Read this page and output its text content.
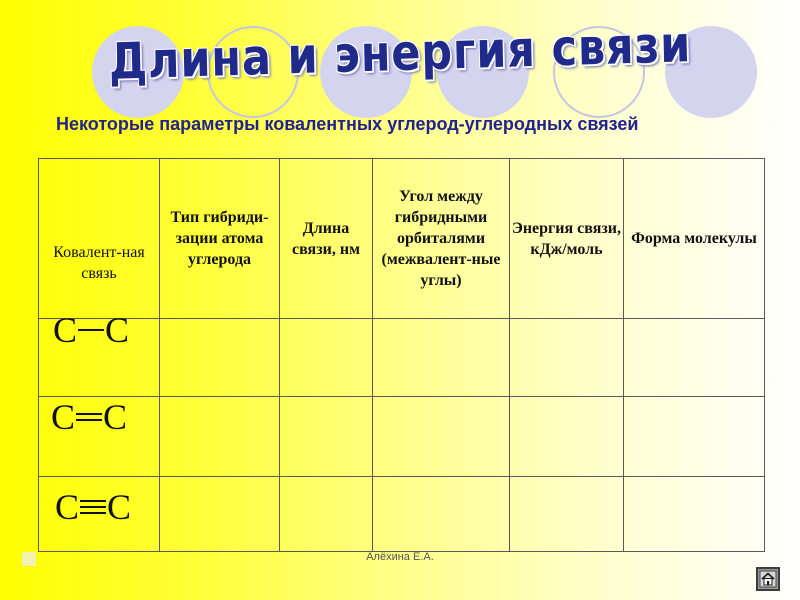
Длина и энергия связи
Некоторые параметры ковалентных углерод-углеродных связей
Ковалент-ная связь	Тип гибриди-зации атома углерода	Длина связи, нм	Угол между гибридными орбиталями (межвалент-ные углы)	Энергия связи, кДж/моль	Форма молекулы

C C					

C C					

C C					

Алёхина Е.А.
